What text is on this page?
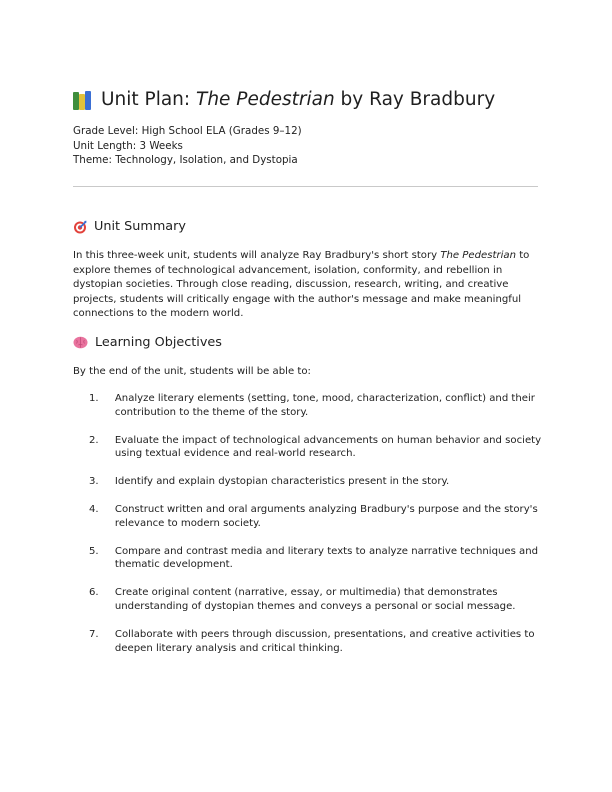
Unit Plan: The Pedestrian by Ray Bradbury
Grade Level: High School ELA (Grades 9–12)
Unit Length: 3 Weeks
Theme: Technology, Isolation, and Dystopia
Unit Summary
In this three-week unit, students will analyze Ray Bradbury's short story The Pedestrian to explore themes of technological advancement, isolation, conformity, and rebellion in dystopian societies. Through close reading, discussion, research, writing, and creative projects, students will critically engage with the author's message and make meaningful connections to the modern world.
Learning Objectives
By the end of the unit, students will be able to:
1.	Analyze literary elements (setting, tone, mood, characterization, conflict) and their contribution to the theme of the story.
2.	Evaluate the impact of technological advancements on human behavior and society using textual evidence and real-world research.
3.	Identify and explain dystopian characteristics present in the story.
4.	Construct written and oral arguments analyzing Bradbury's purpose and the story's relevance to modern society.
5.	Compare and contrast media and literary texts to analyze narrative techniques and thematic development.
6.	Create original content (narrative, essay, or multimedia) that demonstrates understanding of dystopian themes and conveys a personal or social message.
7.	Collaborate with peers through discussion, presentations, and creative activities to deepen literary analysis and critical thinking.
